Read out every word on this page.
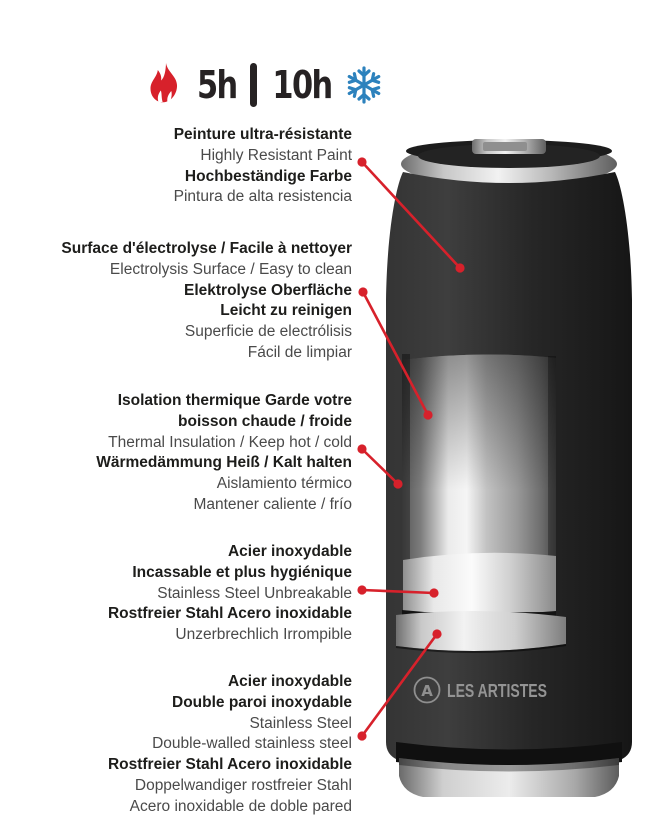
5h 10h
Peinture ultra-résistante
Highly Resistant Paint
Hochbeständige Farbe
Pintura de alta resistencia
Surface d'électrolyse / Facile à nettoyer
Electrolysis Surface / Easy to clean
Elektrolyse Oberfläche
Leicht zu reinigen
Superficie de electrólisis
Fácil de limpiar
Isolation thermique Garde votre
boisson chaude / froide
Thermal Insulation / Keep hot / cold
Wärmedämmung Heiß / Kalt halten
Aislamiento térmico
Mantener caliente / frío
Acier inoxydable
Incassable et plus hygiénique
Stainless Steel Unbreakable
Rostfreier Stahl Acero inoxidable
Unzerbrechlich Irrompible
Acier inoxydable
Double paroi inoxydable
Stainless Steel
Double-walled stainless steel
Rostfreier Stahl Acero inoxidable
Doppelwandiger rostfreier Stahl
Acero inoxidable de doble pared
A LES ARTISTES
